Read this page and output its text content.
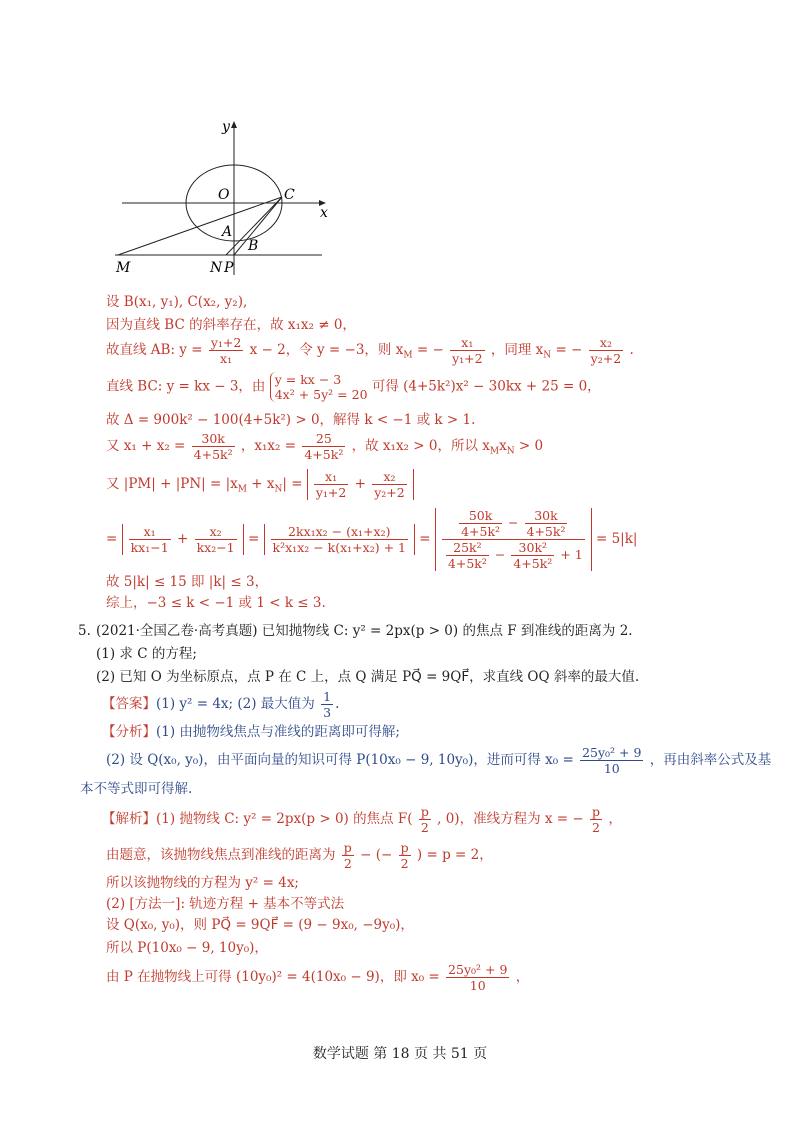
y
x
O	C
A
B
M	N P
设 B(x₁, y₁), C(x₂, y₂),
因为直线 BC 的斜率存在，故 x₁x₂ ≠ 0，
故直线 AB: $y = \frac{\text{y₁+2}}{\text{x₁}}$ x − 2，令 y = −3，则 $x_M$ = − $\frac{\text{x₁}}{\text{y₁+2}}$ ，同理 $x_N$ = − $\frac{\text{x₂}}{\text{y₂+2}}$ .
直线 BC: y = kx − 3，由 y = kx − 3
4x² + 5y² = 20 可得 (4+5k²)x² − 30kx + 25 = 0，
故 Δ = 900k² − 100(4+5k²) > 0，解得 k < −1 或 k > 1.
又 $x_1 + x_2 = \frac{30k}{\text{4+5k²}}$ ，$x_1x_2 = \frac{25}{\text{4+5k²}}$ ，故 x₁x₂ > 0，所以 $x_Mx_N > 0$
又 $|PM| + |PN| = |x_M + x_N| = \frac{\text{x₁}}{\text{y₁+2}} + \frac{\text{x₂}}{\text{y₂+2}}$
= $\frac{\text{x₁}}{\text{kx₁−1}} + \frac{\text{x₂}}{\text{kx₂−1}} = \frac{\text{2kx₁x₂ − (x₁+x₂)}}{\text{k²x₁x₂ − k(x₁+x₂) + 1}} = \frac{\frac{50k}{\text{4+5k²}} - \frac{30k}{\text{4+5k²}}}{\frac{\text{25k²}}{\text{4+5k²}} - \frac{\text{30k²}}{\text{4+5k²}} + 1} = 5|k|$
故 5|k| ≤ 15 即 |k| ≤ 3，
综上，−3 ≤ k < −1 或 1 < k ≤ 3.
5. (2021·全国乙卷·高考真题) 已知抛物线 C: y² = 2px(p > 0) 的焦点 F 到准线的距离为 2.
(1) 求 C 的方程;
(2) 已知 O 为坐标原点，点 P 在 C 上，点 Q 满足 PQ⃗ = 9QF⃗，求直线 OQ 斜率的最大值.
【答案】(1) y² = 4x; (2) 最大值为 $\frac{1}{3}$ .
【分析】(1) 由抛物线焦点与准线的距离即可得解;
(2) 设 Q(x₀, y₀)，由平面向量的知识可得 P(10x₀ − 9, 10y₀)，进而可得 $x_0 = \frac{\text{25y₀² + 9}}{10}$ ，再由斜率公式及基
本不等式即可得解.
【解析】(1) 抛物线 C: y² = 2px(p > 0) 的焦点 $F( \frac{p}{2}$ , 0)，准线方程为 x = − $\frac{p}{2}$ ，
由题意，该抛物线焦点到准线的距离为 $\frac{p}{2}$ − (− $\frac{p}{2}$ ) = p = 2，
所以该抛物线的方程为 y² = 4x;
(2) [方法一]: 轨迹方程 + 基本不等式法
设 Q(x₀, y₀)，则 PQ⃗ = 9QF⃗ = (9 − 9x₀, −9y₀)，
所以 P(10x₀ − 9, 10y₀)，
由 P 在抛物线上可得 (10y₀)² = 4(10x₀ − 9)，即 $x_0 = \frac{\text{25y₀² + 9}}{10}$ ，
数学试题 第 18 页 共 51 页
